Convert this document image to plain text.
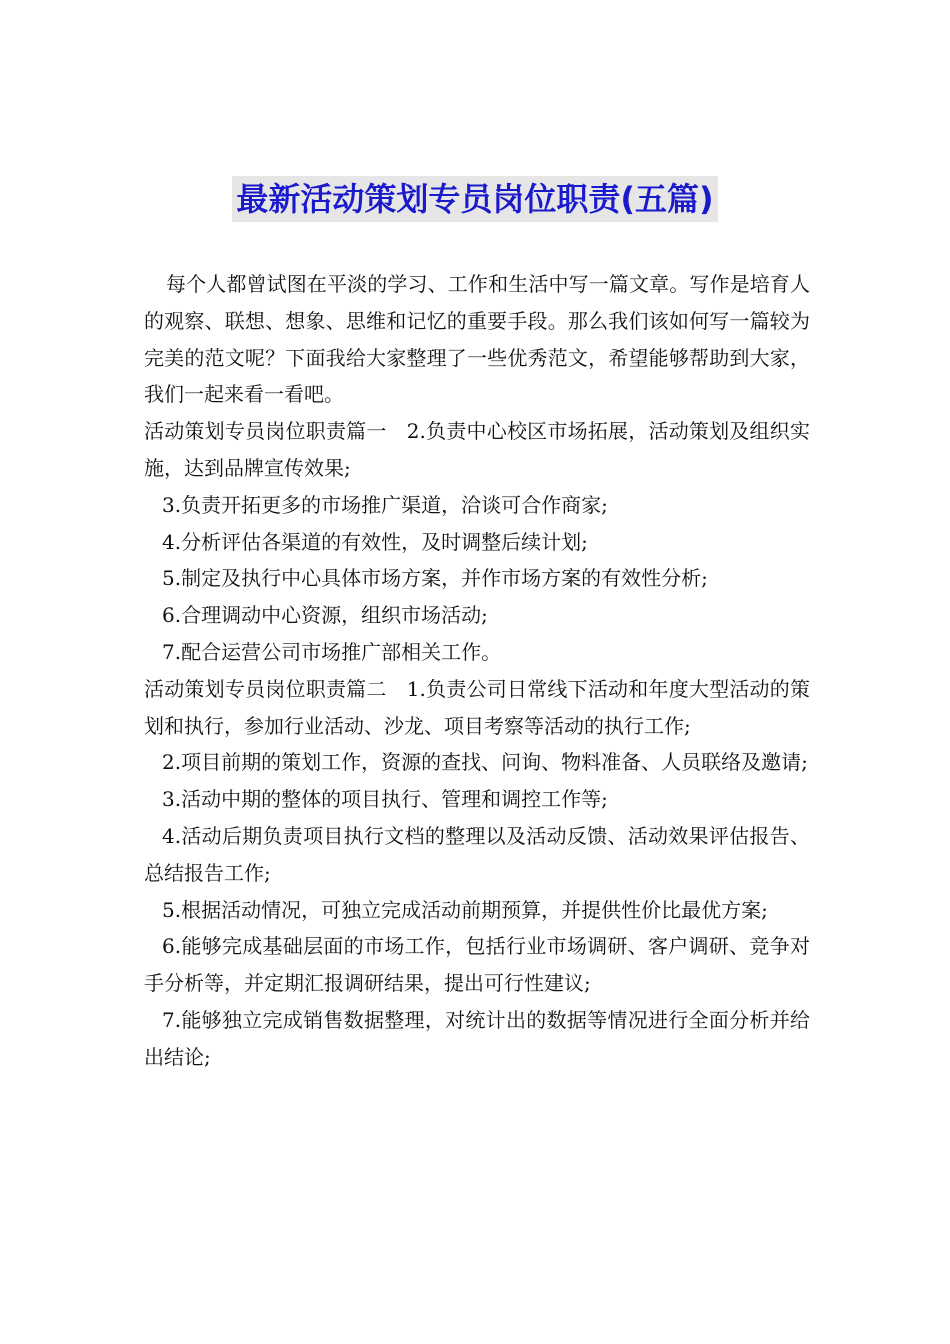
最新活动策划专员岗位职责(五篇)

每个人都曾试图在平淡的学习、工作和生活中写一篇文章。写作是培育人的观察、联想、想象、思维和记忆的重要手段。那么我们该如何写一篇较为完美的范文呢？下面我给大家整理了一些优秀范文，希望能够帮助到大家，我们一起来看一看吧。

活动策划专员岗位职责篇一　2.负责中心校区市场拓展，活动策划及组织实施，达到品牌宣传效果;

3.负责开拓更多的市场推广渠道，洽谈可合作商家;

4.分析评估各渠道的有效性，及时调整后续计划;

5.制定及执行中心具体市场方案，并作市场方案的有效性分析;

6.合理调动中心资源，组织市场活动;

7.配合运营公司市场推广部相关工作。

活动策划专员岗位职责篇二　1.负责公司日常线下活动和年度大型活动的策划和执行，参加行业活动、沙龙、项目考察等活动的执行工作;

2.项目前期的策划工作，资源的查找、问询、物料准备、人员联络及邀请;

3.活动中期的整体的项目执行、管理和调控工作等;

4.活动后期负责项目执行文档的整理以及活动反馈、活动效果评估报告、总结报告工作;

5.根据活动情况，可独立完成活动前期预算，并提供性价比最优方案;

6.能够完成基础层面的市场工作，包括行业市场调研、客户调研、竞争对手分析等，并定期汇报调研结果，提出可行性建议;

7.能够独立完成销售数据整理，对统计出的数据等情况进行全面分析并给出结论;
